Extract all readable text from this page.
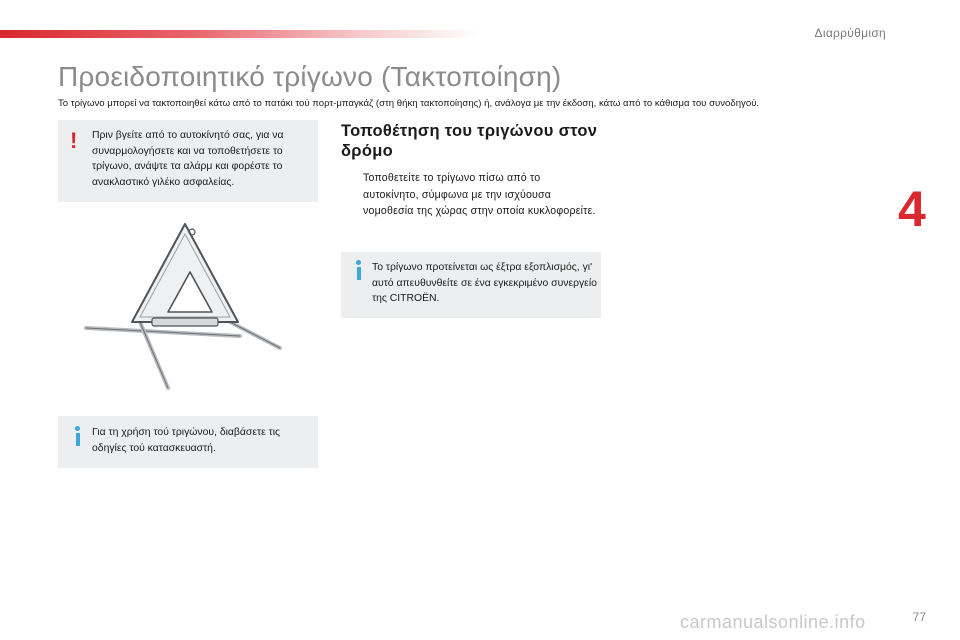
Διαρρύθμιση
4
Προειδοποιητικό τρίγωνο (Τακτοποίηση)
Το τρίγωνο μπορεί να τακτοποιηθεί κάτω από το πατάκι τού πορτ-μπαγκάζ (στη θήκη τακτοποίησης) ή, ανάλογα με την έκδοση, κάτω από το κάθισμα του συνοδηγού.
! Πριν βγείτε από το αυτοκίνητό σας, για να συναρμολογήσετε και να τοποθετήσετε το τρίγωνο, ανάψτε τα αλάρμ και φορέστε το ανακλαστικό γιλέκο ασφαλείας.
Για τη χρήση τού τριγώνου, διαβάσετε τις οδηγίες τού κατασκευαστή.
Τοποθέτηση του τριγώνου στον δρόμο
Τοποθετείτε το τρίγωνο πίσω από το αυτοκίνητο, σύμφωνα με την ισχύουσα νομοθεσία της χώρας στην οποία κυκλοφορείτε.
Το τρίγωνο προτείνεται ως έξτρα εξοπλισμός, γι' αυτό απευθυνθείτε σε ένα εγκεκριμένο συνεργείο της CITROËN.
carmanualsonline.info	77
